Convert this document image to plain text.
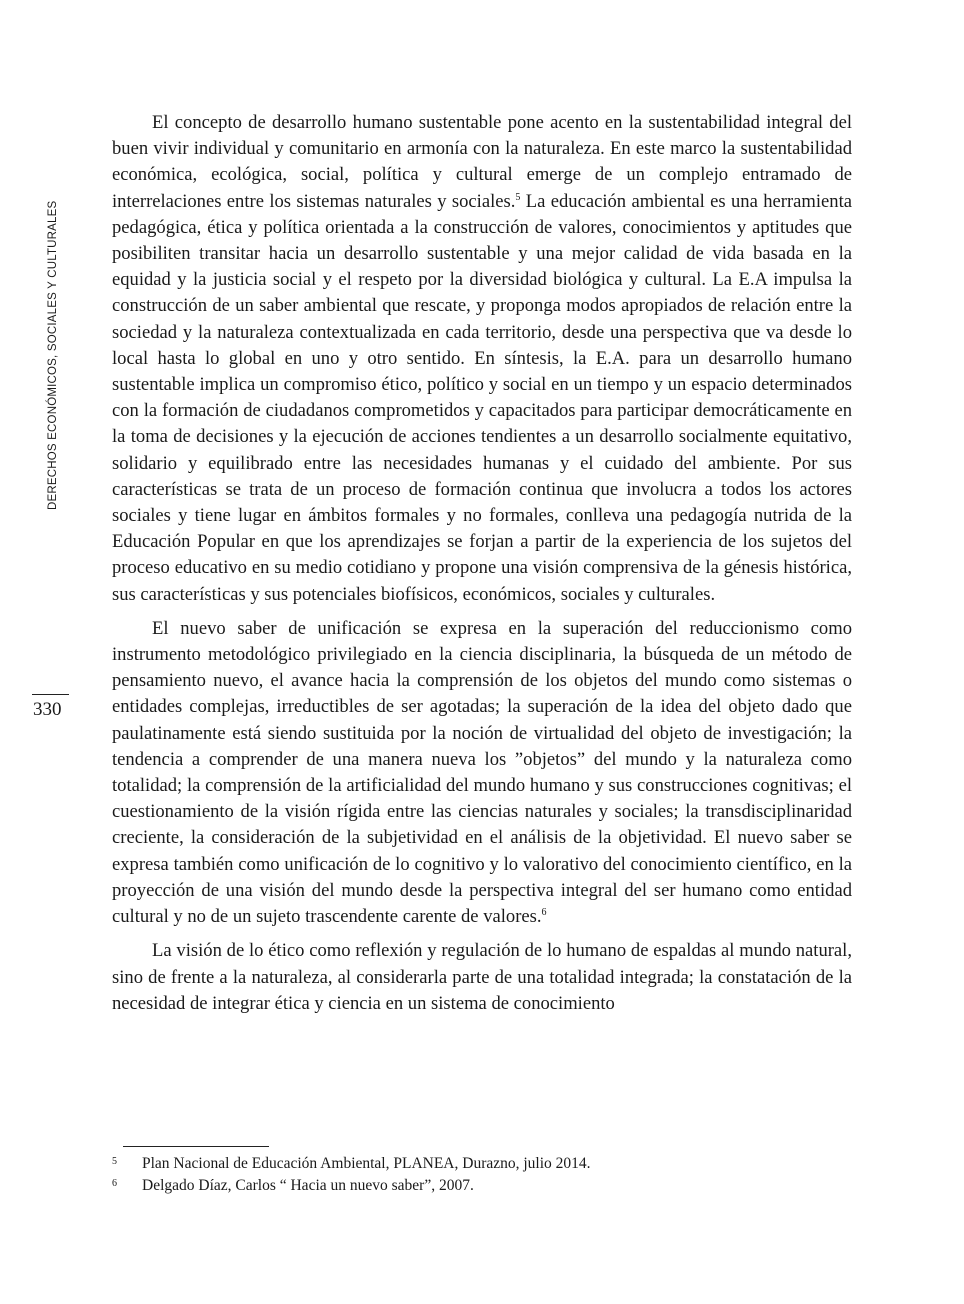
DERECHOS ECONÓMICOS, SOCIALES Y CULTURALES
330

El concepto de desarrollo humano sustentable pone acento en la sustentabilidad integral del buen vivir individual y comunitario en armonía con la naturaleza. En este marco la sustentabilidad económica, ecológica, social, política y cultural emerge de un complejo entramado de interrelaciones entre los sistemas naturales y sociales.$^5$ La educación ambiental es una herramienta pedagógica, ética y política orientada a la construcción de valores, conocimientos y aptitudes que posibiliten transitar hacia un desarrollo sustentable y una mejor calidad de vida basada en la equidad y la justicia social y el respeto por la diversidad biológica y cultural. La E.A impulsa la construcción de un saber ambiental que rescate, y proponga modos apropiados de relación entre la sociedad y la naturaleza contextualizada en cada territorio, desde una perspectiva que va desde lo local hasta lo global en uno y otro sentido. En síntesis, la E.A. para un desarrollo humano sustentable implica un compromiso ético, político y social en un tiempo y un espacio determinados con la formación de ciudadanos comprometidos y capacitados para participar democráticamente en la toma de decisiones y la ejecución de acciones tendientes a un desarrollo socialmente equitativo, solidario y equilibrado entre las necesidades humanas y el cuidado del ambiente. Por sus características se trata de un proceso de formación continua que involucra a todos los actores sociales y tiene lugar en ámbitos formales y no formales, conlleva una pedagogía nutrida de la Educación Popular en que los aprendizajes se forjan a partir de la experiencia de los sujetos del proceso educativo en su medio cotidiano y propone una visión comprensiva de la génesis histórica, sus características y sus potenciales biofísicos, económicos, sociales y culturales.

El nuevo saber de unificación se expresa en la superación del reduccionismo como instrumento metodológico privilegiado en la ciencia disciplinaria, la búsqueda de un método de pensamiento nuevo, el avance hacia la comprensión de los objetos del mundo como sistemas o entidades complejas, irreductibles de ser agotadas; la superación de la idea del objeto dado que paulatinamente está siendo sustituida por la noción de virtualidad del objeto de investigación; la tendencia a comprender de una manera nueva los ”objetos” del mundo y la naturaleza como totalidad; la comprensión de la artificialidad del mundo humano y sus construcciones cognitivas; el cuestionamiento de la visión rígida entre las ciencias naturales y sociales; la transdisciplinaridad creciente, la consideración de la subjetividad en el análisis de la objetividad. El nuevo saber se expresa también como unificación de lo cognitivo y lo valorativo del conocimiento científico, en la proyección de una visión del mundo desde la perspectiva integral del ser humano como entidad cultural y no de un sujeto trascendente carente de valores.$^6$

La visión de lo ético como reflexión y regulación de lo humano de espaldas al mundo natural, sino de frente a la naturaleza, al considerarla parte de una totalidad integrada; la constatación de la necesidad de integrar ética y ciencia en un sistema de conocimiento

5	Plan Nacional de Educación Ambiental, PLANEA, Durazno, julio 2014.
6	Delgado Díaz, Carlos “ Hacia un nuevo saber”, 2007.
